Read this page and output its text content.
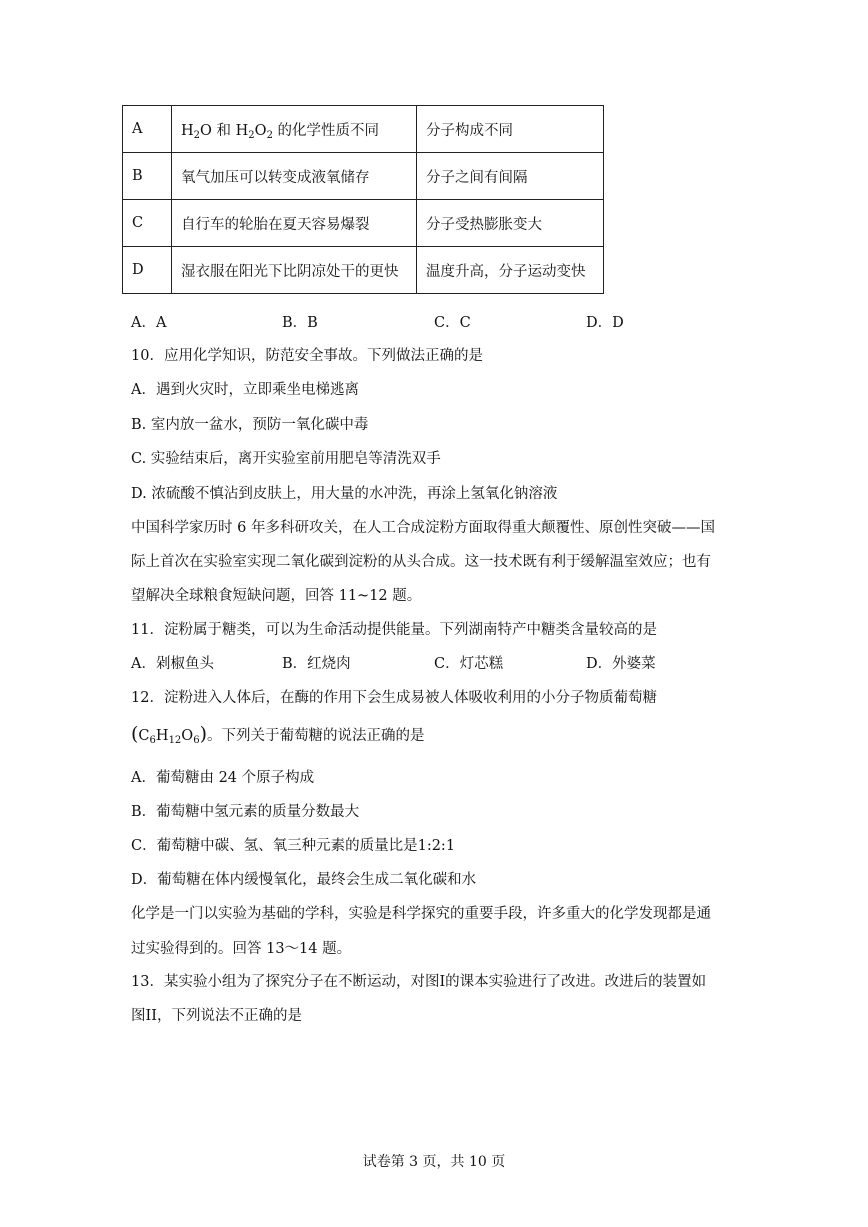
A	$H_2O$ 和 $H_2O_2$ 的化学性质不同	分子构成不同
B	氧气加压可以转变成液氧储存	分子之间有间隔
C	自行车的轮胎在夏天容易爆裂	分子受热膨胀变大
D	湿衣服在阳光下比阴凉处干的更快	温度升高，分子运动变快
A．A	B．B	C．C	D．D
10．应用化学知识，防范安全事故。下列做法正确的是
A．遇到火灾时，立即乘坐电梯逃离
B. 室内放一盆水，预防一氧化碳中毒
C. 实验结束后，离开实验室前用肥皂等清洗双手
D. 浓硫酸不慎沾到皮肤上，用大量的水冲洗，再涂上氢氧化钠溶液
中国科学家历时 6 年多科研攻关，在人工合成淀粉方面取得重大颠覆性、原创性突破——国
际上首次在实验室实现二氧化碳到淀粉的从头合成。这一技术既有利于缓解温室效应；也有
望解决全球粮食短缺问题，回答 11~12 题。
11．淀粉属于糖类，可以为生命活动提供能量。下列湖南特产中糖类含量较高的是
A．剁椒鱼头	B．红烧肉	C．灯芯糕	D．外婆菜
12．淀粉进入人体后，在酶的作用下会生成易被人体吸收利用的小分子物质葡萄糖
$(C_6H_{12}O_6)$。下列关于葡萄糖的说法正确的是
A．葡萄糖由 24 个原子构成
B．葡萄糖中氢元素的质量分数最大
C．葡萄糖中碳、氢、氧三种元素的质量比是1:2:1
D．葡萄糖在体内缓慢氧化，最终会生成二氧化碳和水
化学是一门以实验为基础的学科，实验是科学探究的重要手段，许多重大的化学发现都是通
过实验得到的。回答 13～14 题。
13．某实验小组为了探究分子在不断运动，对图I的课本实验进行了改进。改进后的装置如
图II，下列说法不正确的是
试卷第 3 页，共 10 页
